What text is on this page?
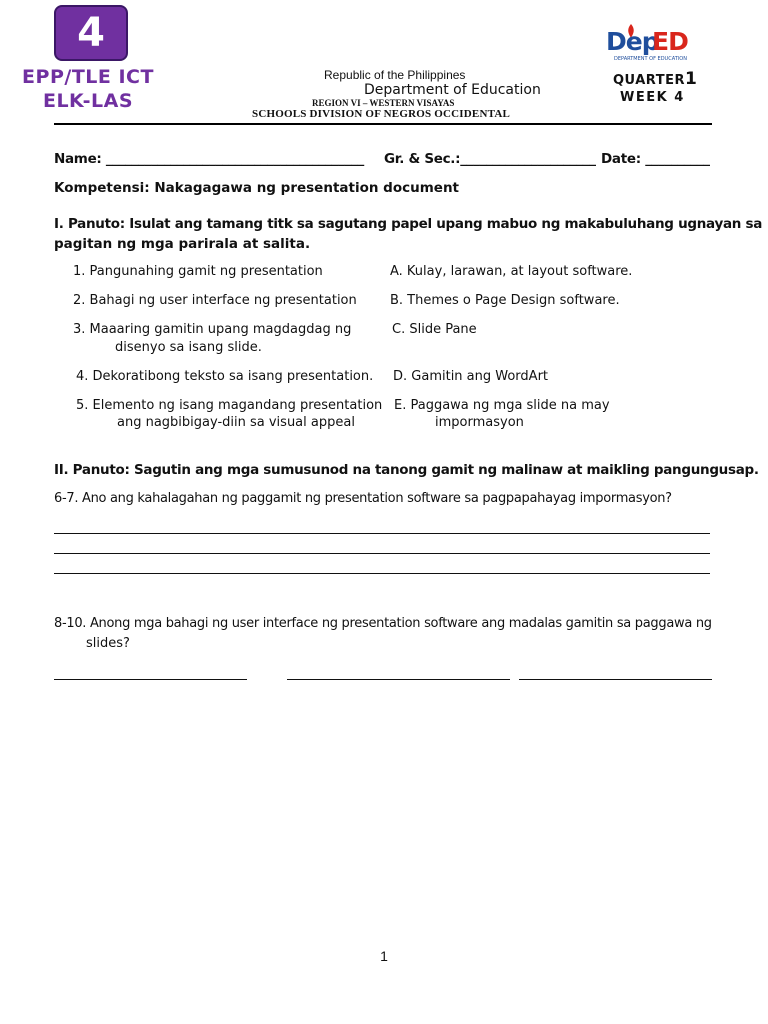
4
EPP/TLE ICT
ELK-LAS
Republic of the Philippines
Department of Education
REGION VI – WESTERN VISAYAS
SCHOOLS DIVISION OF NEGROS OCCIDENTAL
Dep
ED
DEPARTMENT OF EDUCATION
QUARTER1
WEEK 4
Name: ________________________________________ Gr. & Sec.:_____________________ Date: __________
Kompetensi: Nakagagawa ng presentation document
I. Panuto: Isulat ang tamang titk sa sagutang papel upang mabuo ng makabuluhang ugnayan sa
pagitan ng mga parirala at salita.
1. Pangunahing gamit ng presentation	A. Kulay, larawan, at layout software.
2. Bahagi ng user interface ng presentation	B. Themes o Page Design software.
3. Maaaring gamitin upang magdagdag ng
disenyo sa isang slide.
C. Slide Pane
4. Dekoratibong teksto sa isang presentation. D. Gamitin ang WordArt
5. Elemento ng isang magandang presentation
ang nagbibigay-diin sa visual appeal
E. Paggawa ng mga slide na may
impormasyon
II. Panuto: Sagutin ang mga sumusunod na tanong gamit ng malinaw at maikling pangungusap.
6-7. Ano ang kahalagahan ng paggamit ng presentation software sa pagpapahayag impormasyon?
8-10. Anong mga bahagi ng user interface ng presentation software ang madalas gamitin sa paggawa ng
slides?
1
